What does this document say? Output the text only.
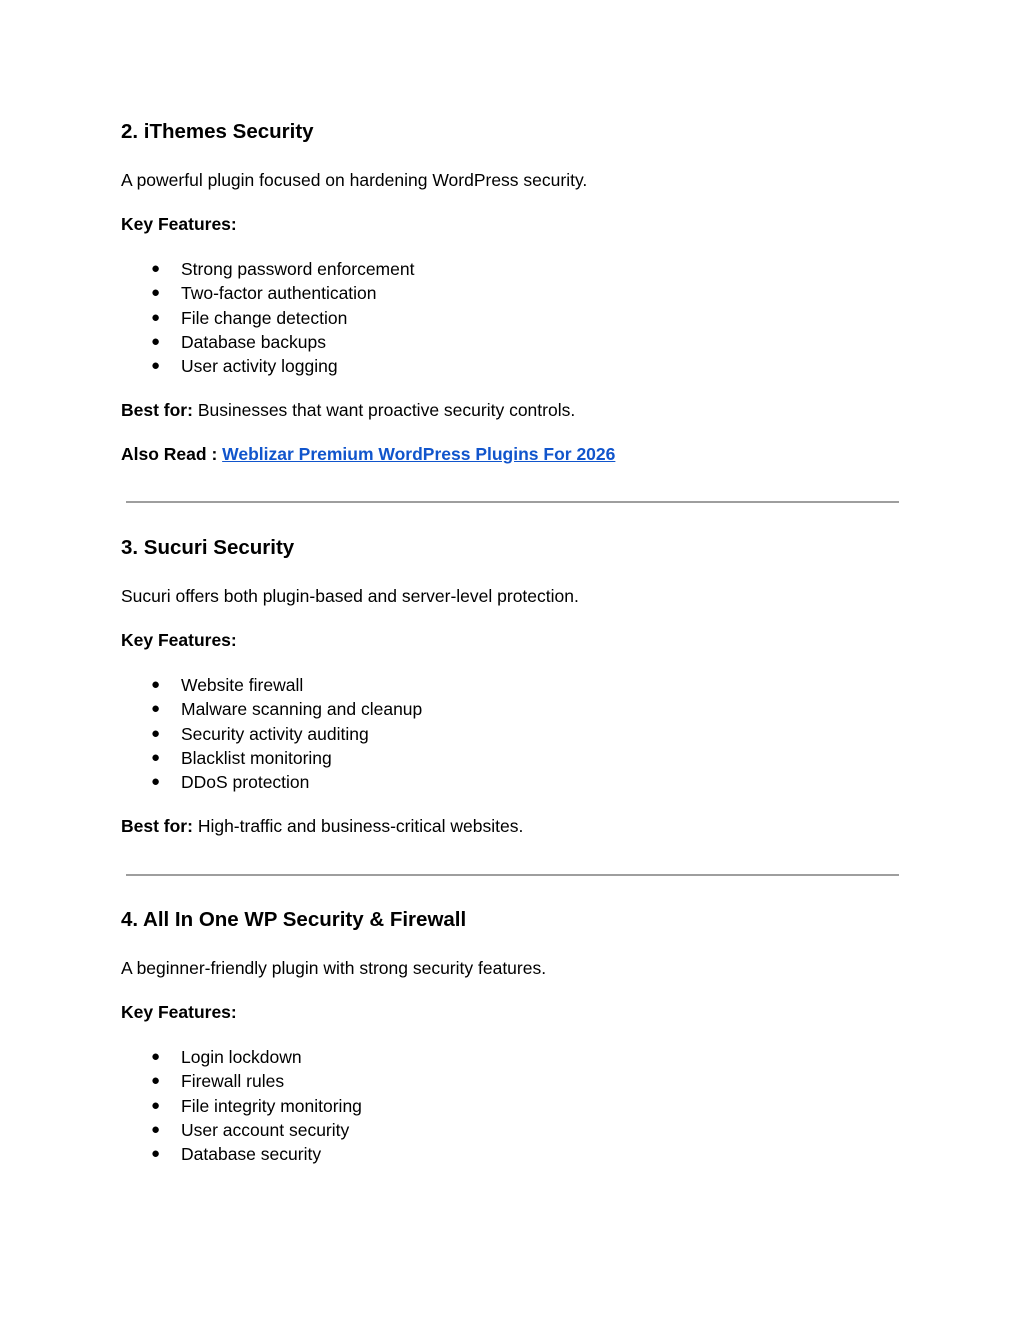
2. iThemes Security

A powerful plugin focused on hardening WordPress security.

Key Features:

● Strong password enforcement
● Two-factor authentication
● File change detection
● Database backups
● User activity logging

Best for: Businesses that want proactive security controls.

Also Read : Weblizar Premium WordPress Plugins For 2026

3. Sucuri Security

Sucuri offers both plugin-based and server-level protection.

Key Features:

● Website firewall
● Malware scanning and cleanup
● Security activity auditing
● Blacklist monitoring
● DDoS protection

Best for: High-traffic and business-critical websites.

4. All In One WP Security & Firewall

A beginner-friendly plugin with strong security features.

Key Features:

● Login lockdown
● Firewall rules
● File integrity monitoring
● User account security
● Database security
